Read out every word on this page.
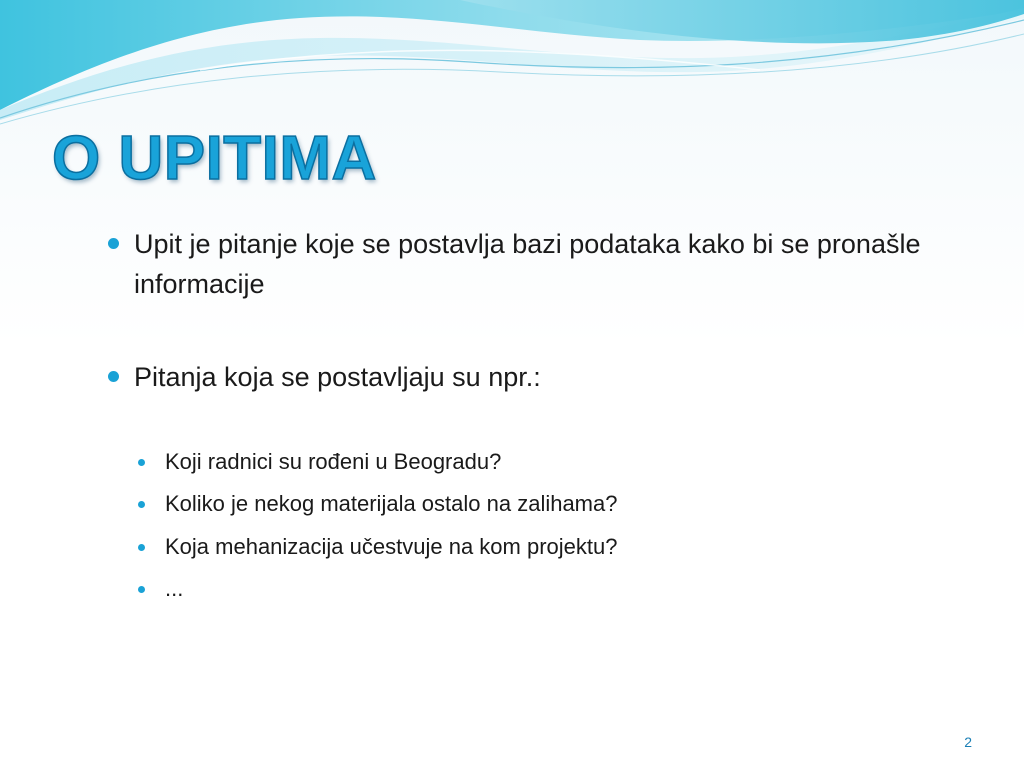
O UPITIMA
Upit je pitanje koje se postavlja bazi podataka kako bi se pronašle informacije
Pitanja koja se postavljaju su npr.:
Koji radnici su rođeni u Beogradu?
Koliko je nekog materijala ostalo na zalihama?
Koja mehanizacija učestvuje na kom projektu?
...
2
